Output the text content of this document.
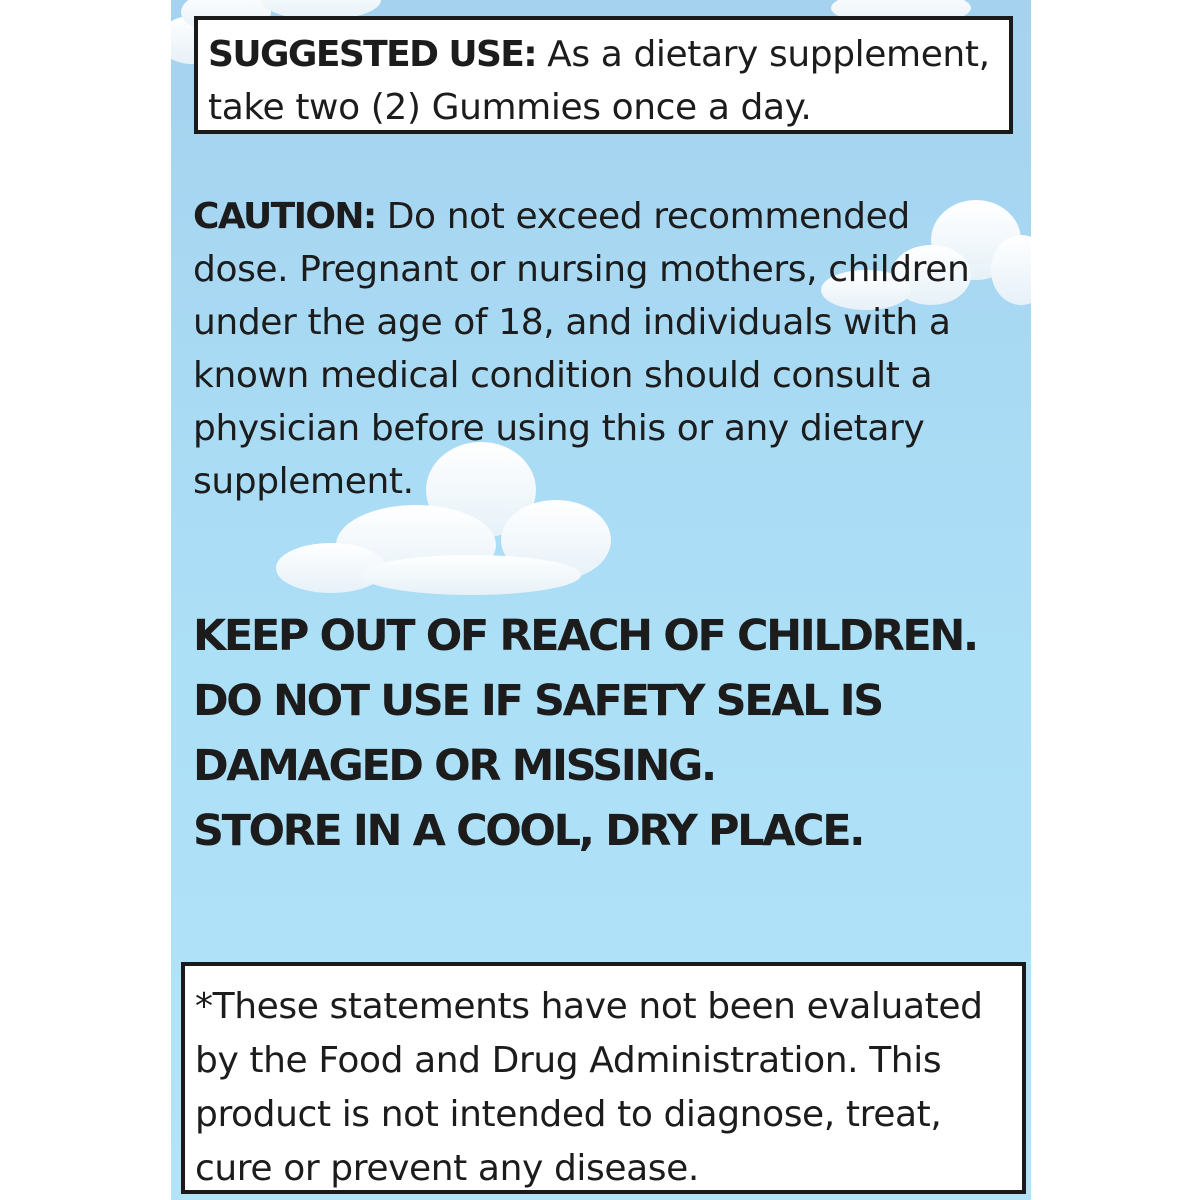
SUGGESTED USE: As a dietary supplement,
take two (2) Gummies once a day.
CAUTION: Do not exceed recommended
dose. Pregnant or nursing mothers, children
under the age of 18, and individuals with a
known medical condition should consult a
physician before using this or any dietary
supplement.
KEEP OUT OF REACH OF CHILDREN.
DO NOT USE IF SAFETY SEAL IS
DAMAGED OR MISSING.
STORE IN A COOL, DRY PLACE.
*These statements have not been evaluated
by the Food and Drug Administration. This
product is not intended to diagnose, treat,
cure or prevent any disease.
